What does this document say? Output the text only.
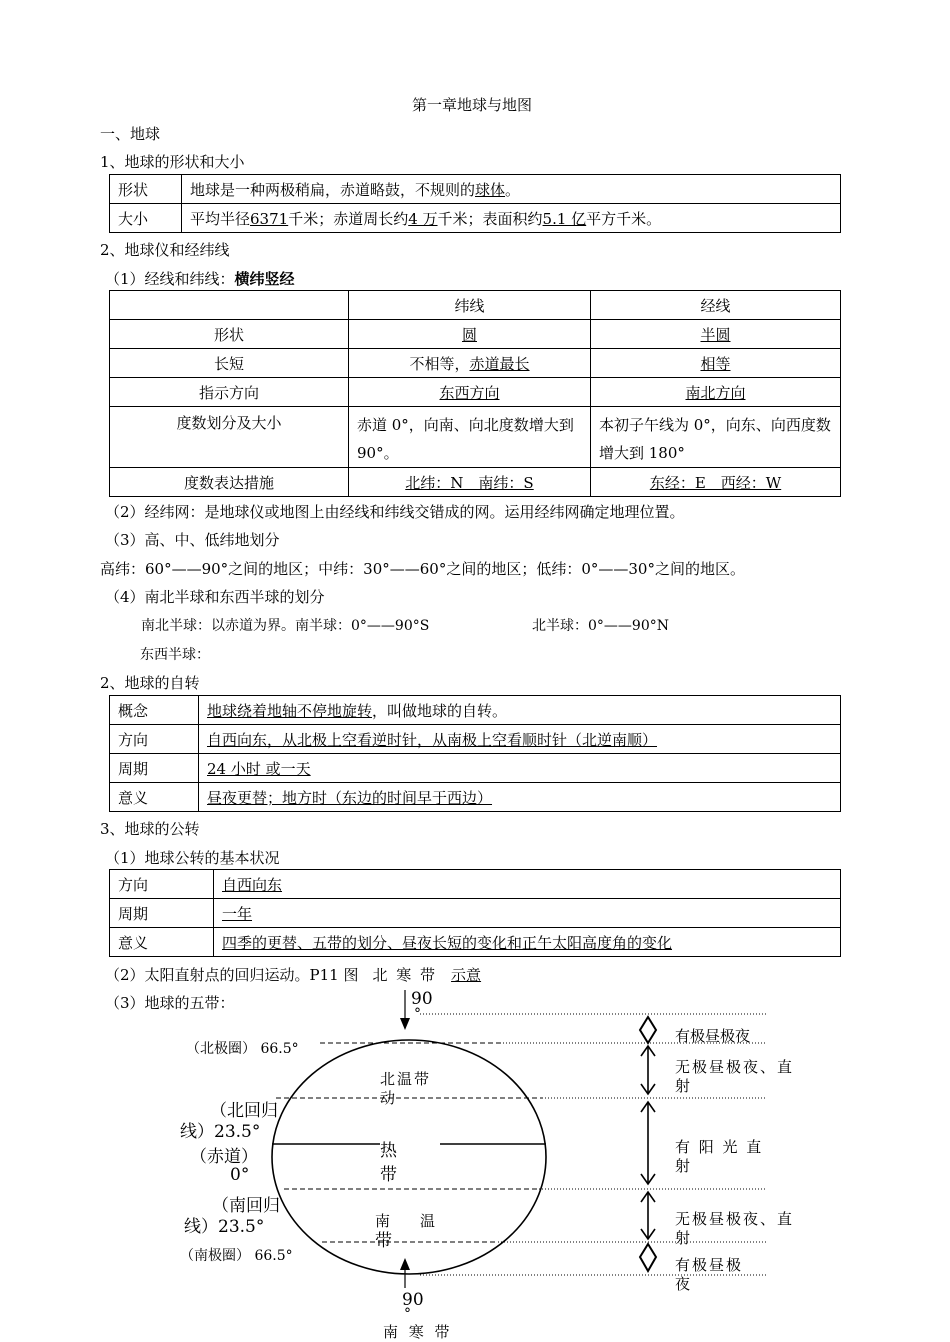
第一章地球与地图
一、地球
1、地球的形状和大小
形状	地球是一种两极稍扁，赤道略鼓，不规则的球体。
大小	平均半径6371千米；赤道周长约4 万千米；表面积约5.1 亿平方千米。
2、地球仪和经纬线
（1）经线和纬线：横纬竖经
	纬线	经线
形状	圆	半圆
长短	不相等，赤道最长	相等
指示方向	东西方向	南北方向
度数划分及大小	赤道 0°，向南、向北度数增大到 90°。	本初子午线为 0°，向东、向西度数增大到 180°
度数表达措施	北纬：N　南纬：S	东经：E　西经：W
（2）经纬网：是地球仪或地图上由经线和纬线交错成的网。运用经纬网确定地理位置。
（3）高、中、低纬地划分
高纬：60°——90°之间的地区；中纬：30°——60°之间的地区；低纬：0°——30°之间的地区。
（4）南北半球和东西半球的划分
南北半球：以赤道为界。南半球：0°——90°S	北半球：0°——90°N
东西半球：
2、地球的自转
概念	地球绕着地轴不停地旋转，叫做地球的自转。
方向	自西向东，从北极上空看逆时针，从南极上空看顺时针（北逆南顺）
周期	24 小时 或一天
意义	昼夜更替；地方时（东边的时间早于西边）
3、地球的公转
（1）地球公转的基本状况
方向	自西向东
周期	一年
意义	四季的更替、五带的划分、昼夜长短的变化和正午太阳高度角的变化
（2）太阳直射点的回归运动。P11 图 北 寒 带 示意
（3）地球的五带：	90
°
（北极圈） 66.5°
（北回归
线）23.5°
（赤道）
0°
（南回归
线）23.5°
（南极圈） 66.5°
北温带
动
热
带
南　　温
带
90
°
南 寒 带
有极昼极夜
无极昼极夜、直
射
有 阳 光 直
射
无极昼极夜、直
射
有极昼极
夜
